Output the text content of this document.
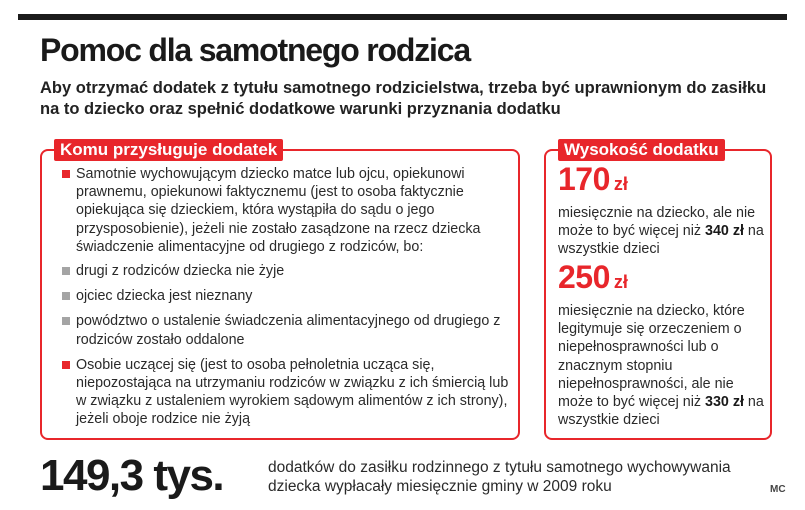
Pomoc dla samotnego rodzica

Aby otrzymać dodatek z tytułu samotnego rodzicielstwa, trzeba być uprawnionym do zasiłku na to dziecko oraz spełnić dodatkowe warunki przyznania dodatku

Komu przysługuje dodatek
Samotnie wychowującym dziecko matce lub ojcu, opiekunowi prawnemu, opiekunowi faktycznemu (jest to osoba faktycznie opiekująca się dzieckiem, która wystąpiła do sądu o jego przysposobienie), jeżeli nie zostało zasądzone na rzecz dziecka świadczenie alimentacyjne od drugiego z rodziców, bo:
drugi z rodziców dziecka nie żyje
ojciec dziecka jest nieznany
powództwo o ustalenie świadczenia alimentacyjnego od drugiego z rodziców zostało oddalone
Osobie uczącej się (jest to osoba pełnoletnia ucząca się, niepozostająca na utrzymaniu rodziców w związku z ich śmiercią lub w związku z ustaleniem wyrokiem sądowym alimentów z ich strony), jeżeli oboje rodzice nie żyją
Wysokość dodatku
170 zł
miesięcznie na dziecko, ale nie może to być więcej niż 340 zł na wszystkie dzieci
250 zł
miesięcznie na dziecko, które legitymuje się orzeczeniem o niepełnosprawności lub o znacznym stopniu niepełnosprawności, ale nie może to być więcej niż 330 zł na wszystkie dzieci
149,3 tys.	dodatków do zasiłku rodzinnego z tytułu samotnego wychowywania dziecka wypłacały miesięcznie gminy w 2009 roku	MC
